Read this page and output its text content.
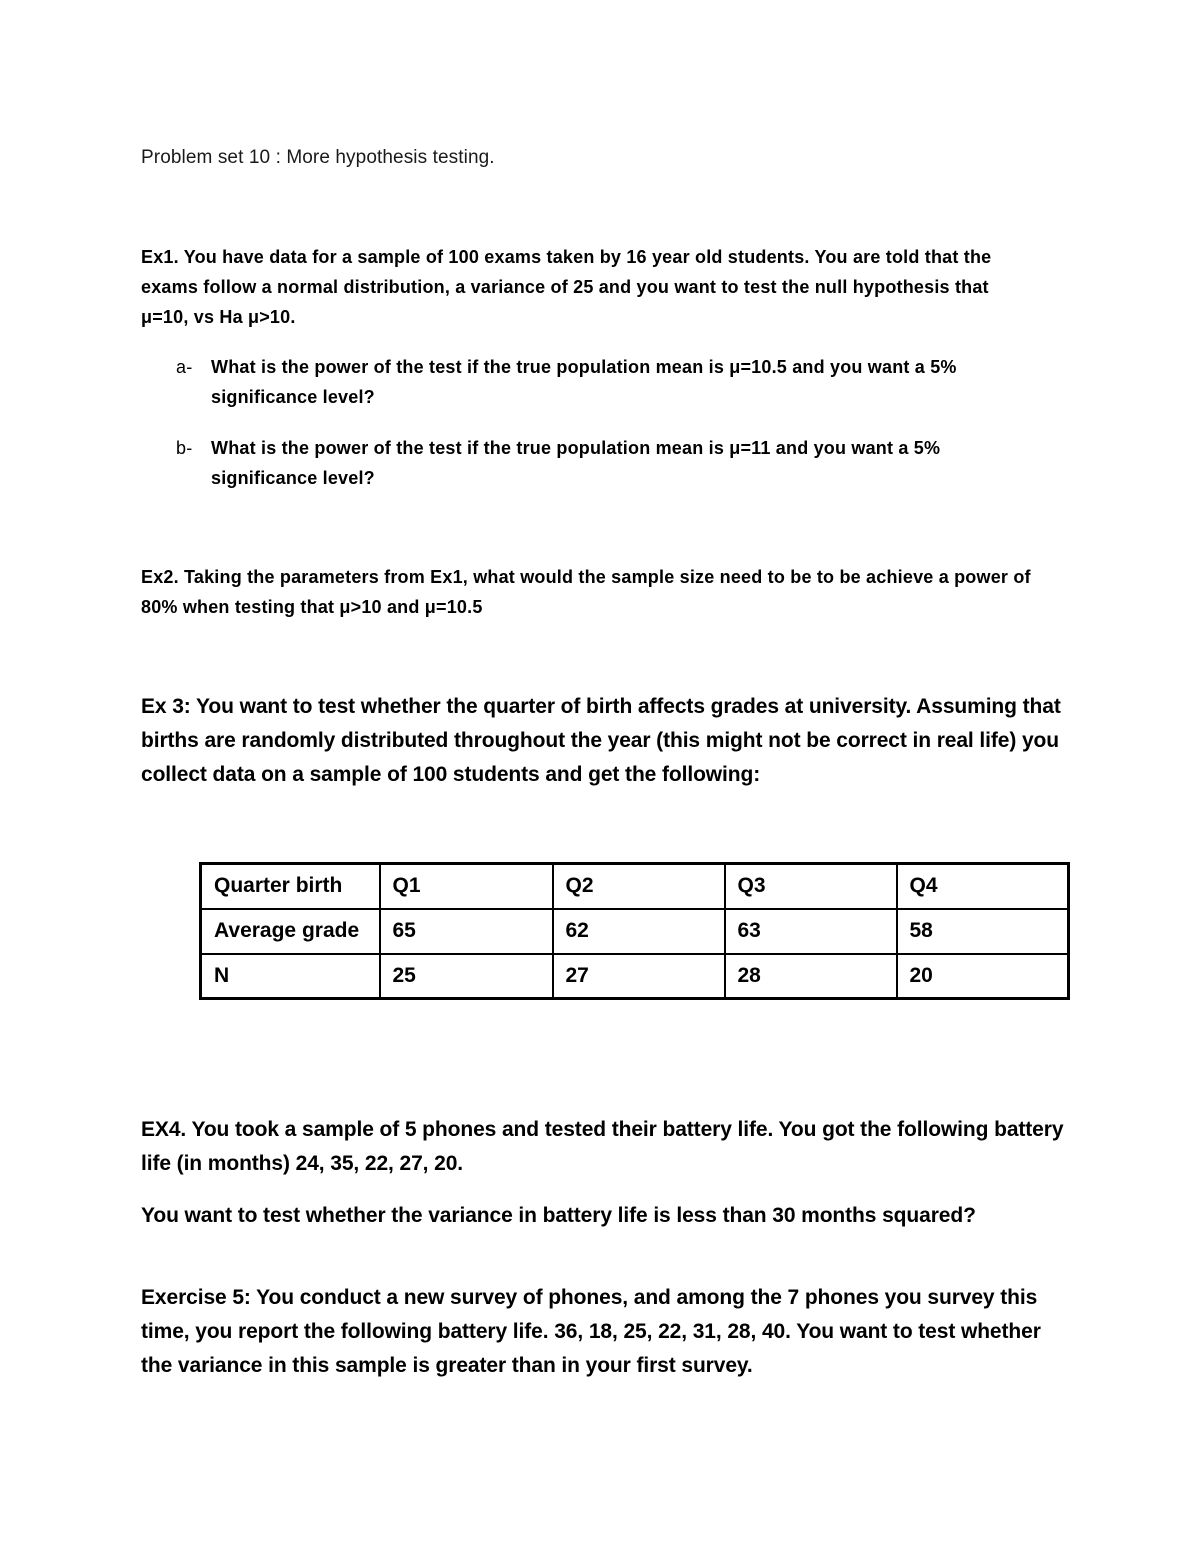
Problem set 10 : More hypothesis testing.

Ex1. You have data for a sample of 100 exams taken by 16 year old students. You are told that the
exams follow a normal distribution, a variance of 25 and you want to test the null hypothesis that
μ=10, vs Ha μ>10.

a-	What is the power of the test if the true population mean is μ=10.5 and you want a 5%
significance level?
b-	What is the power of the test if the true population mean is μ=11 and you want a 5%
significance level?

Ex2. Taking the parameters from Ex1, what would the sample size need to be to be achieve a power of
80% when testing that μ>10 and μ=10.5

Ex 3: You want to test whether the quarter of birth affects grades at university. Assuming that
births are randomly distributed throughout the year (this might not be correct in real life) you
collect data on a sample of 100 students and get the following:

Quarter birth	Q1	Q2	Q3	Q4
Average grade	65	62	63	58
N	25	27	28	20

EX4. You took a sample of 5 phones and tested their battery life. You got the following battery
life (in months) 24, 35, 22, 27, 20.

You want to test whether the variance in battery life is less than 30 months squared?

Exercise 5: You conduct a new survey of phones, and among the 7 phones you survey this
time, you report the following battery life. 36, 18, 25, 22, 31, 28, 40. You want to test whether
the variance in this sample is greater than in your first survey.
